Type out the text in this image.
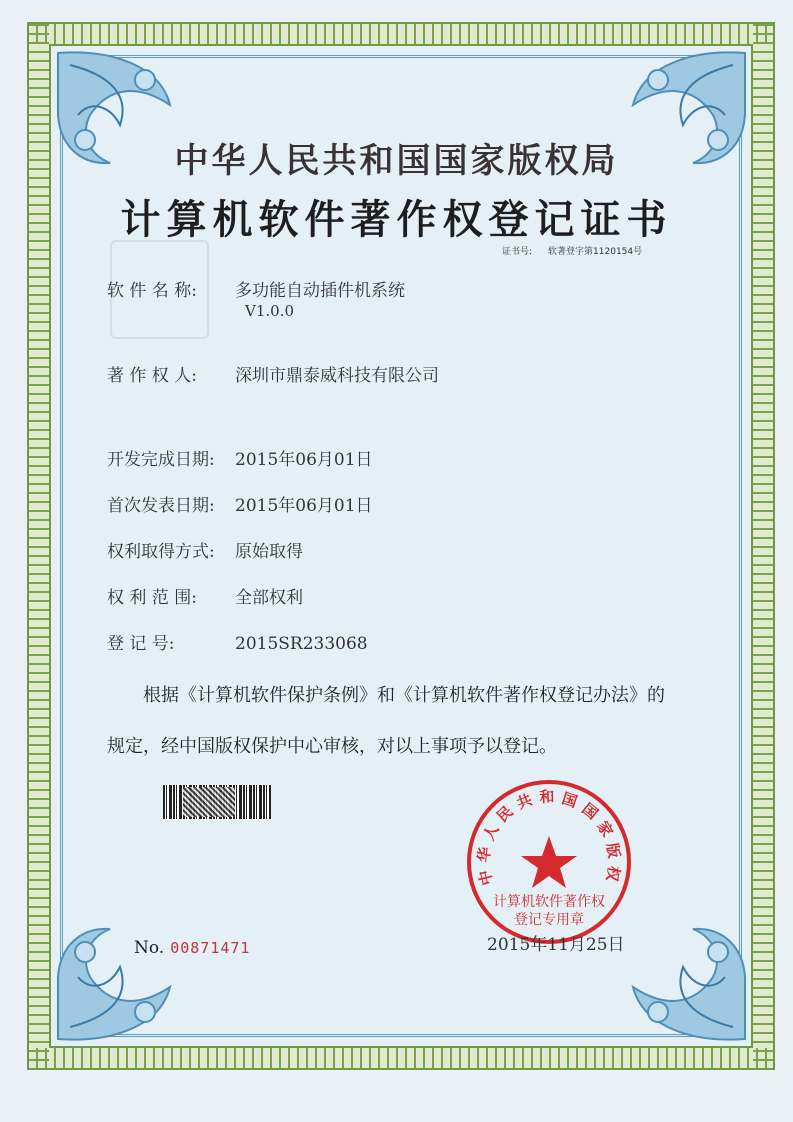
中华人民共和国国家版权局
计算机软件著作权登记证书
证书号: 软著登字第1120154号
软 件 名 称: 多功能自动插件机系统
V1.0.0
著 作 权 人: 深圳市鼎泰威科技有限公司
开发完成日期: 2015年06月01日
首次发表日期: 2015年06月01日
权利取得方式: 原始取得
权 利 范 围: 全部权利
登 记 号:	2015SR233068
根据《计算机软件保护条例》和《计算机软件著作权登记办法》的
规定，经中国版权保护中心审核，对以上事项予以登记。
No. 00871471
中华人民共和国国家版权
计算机软件著作权
登记专用章
2015年11月25日
